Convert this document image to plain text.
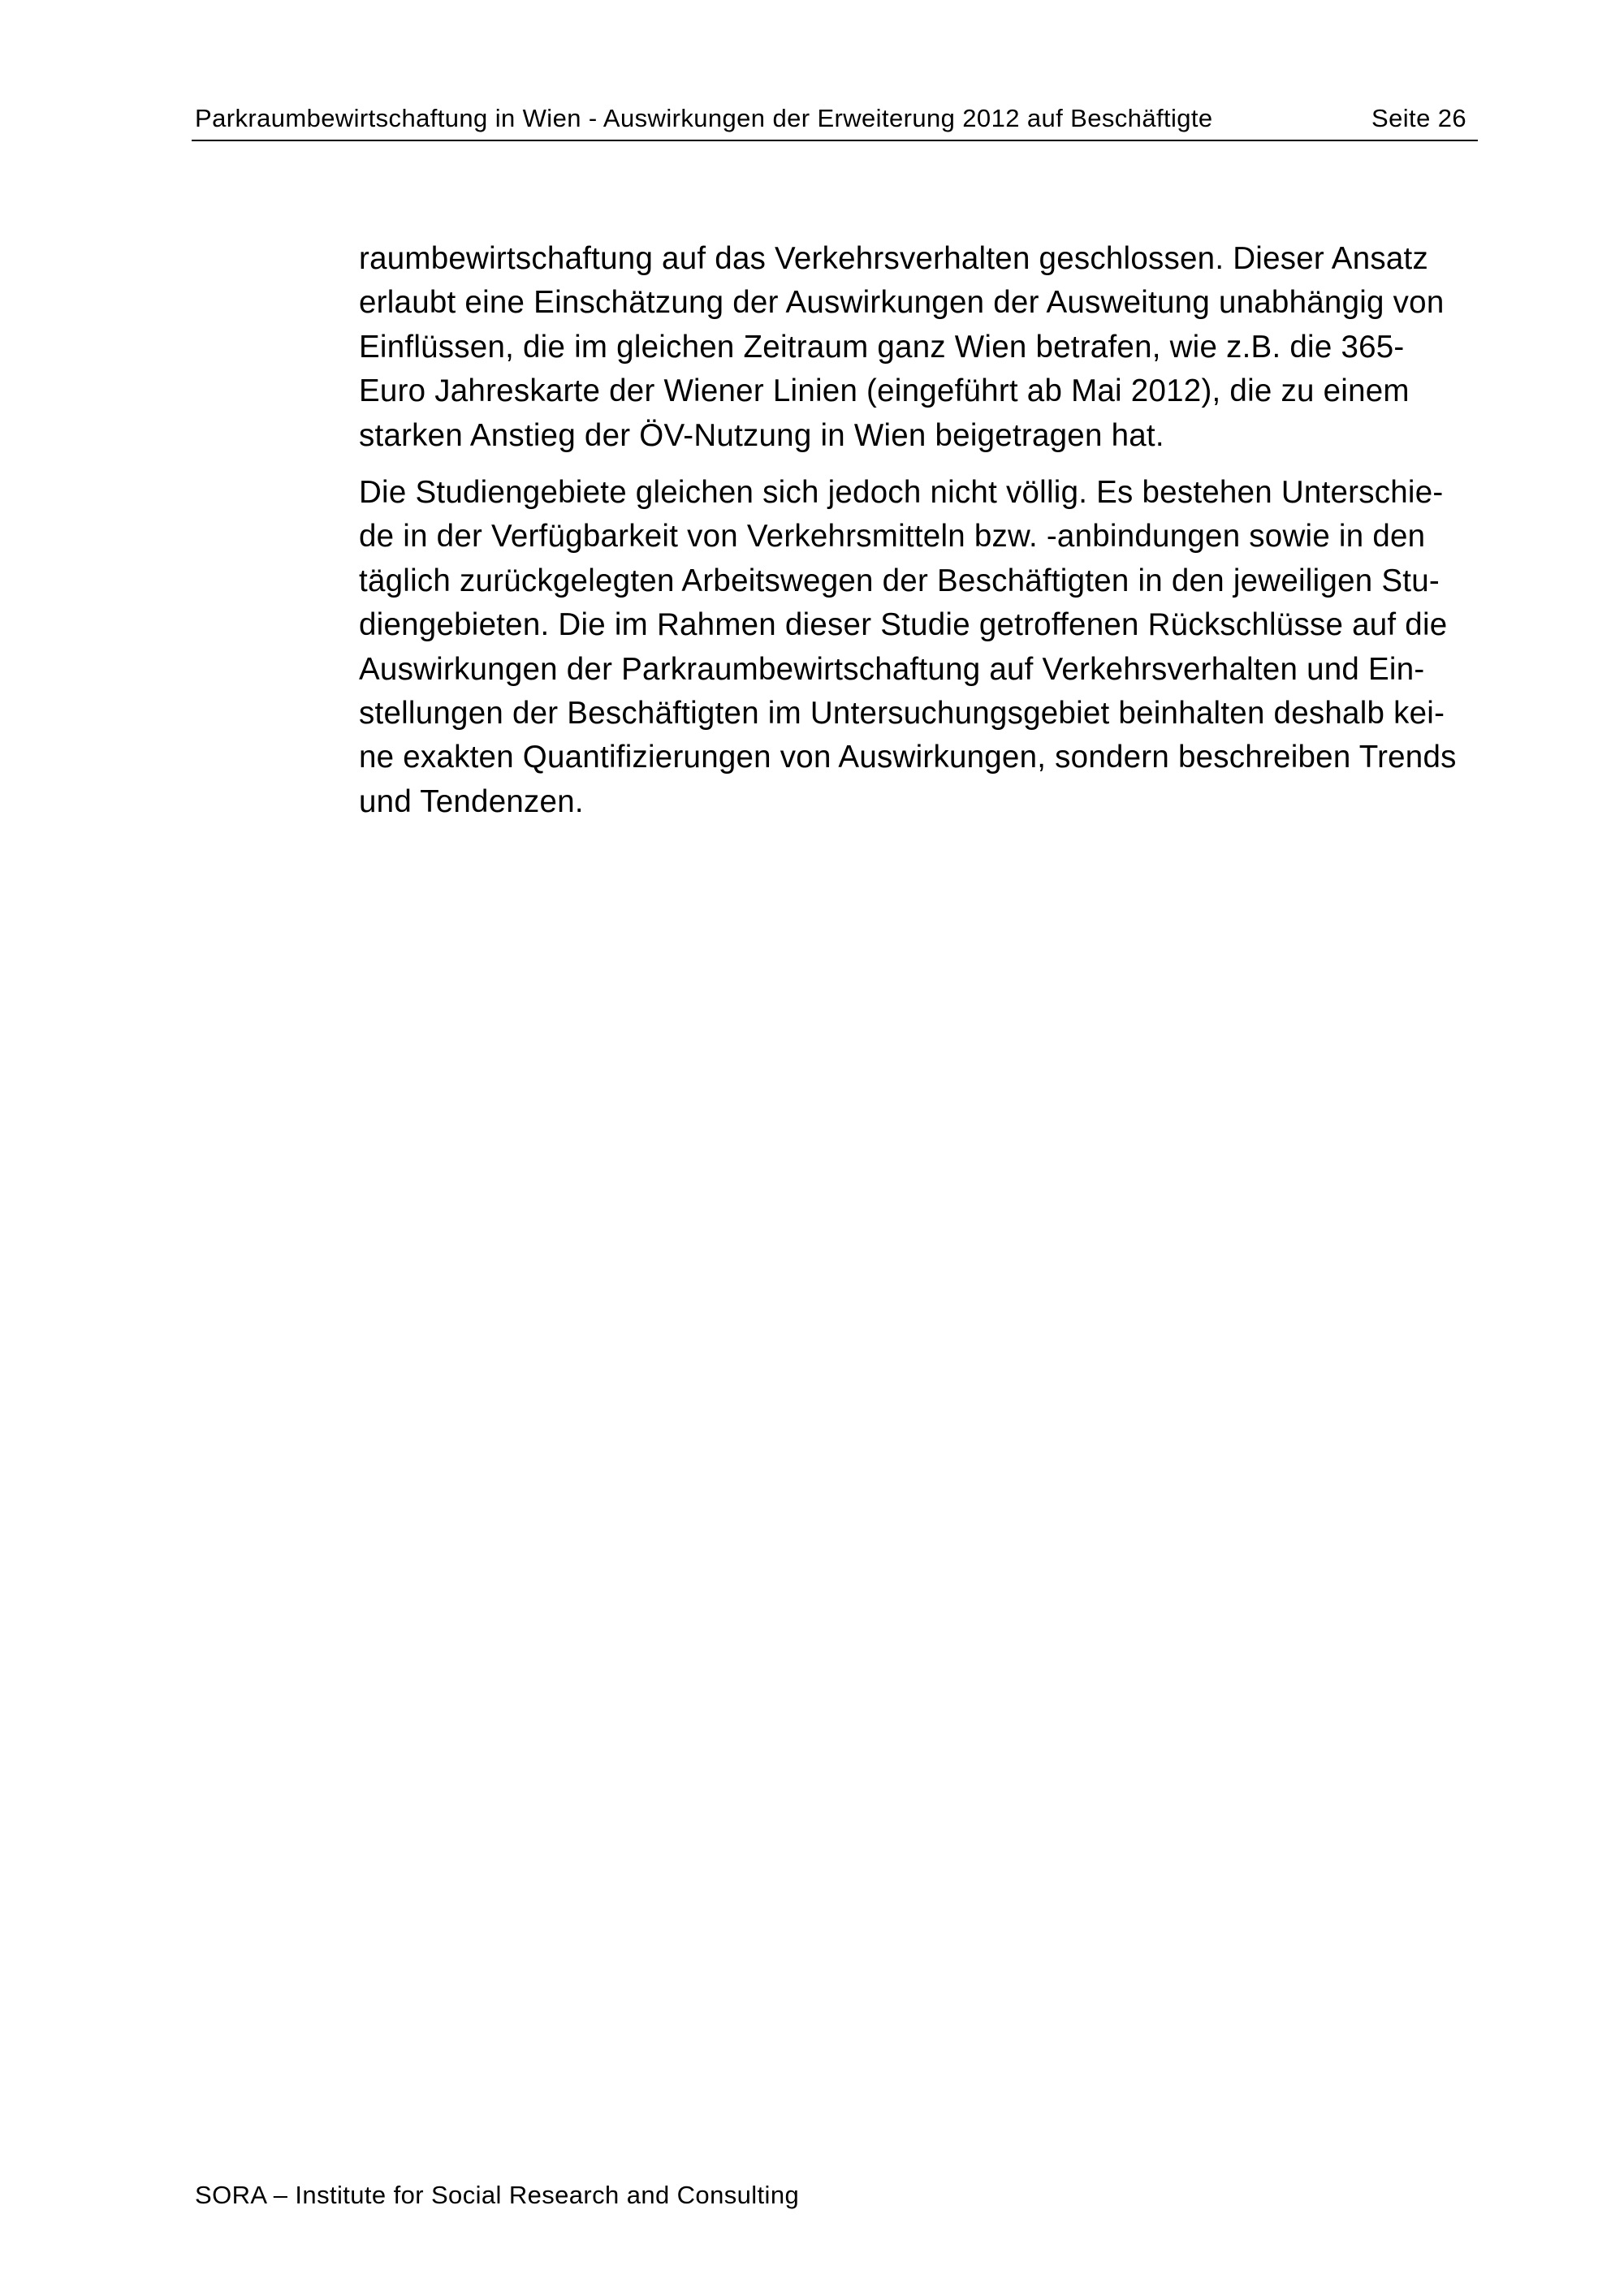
Parkraumbewirtschaftung in Wien - Auswirkungen der Erweiterung 2012 auf Beschäftigte	Seite 26

raumbewirtschaftung auf das Verkehrsverhalten geschlossen. Dieser Ansatz
erlaubt eine Einschätzung der Auswirkungen der Ausweitung unabhängig von
Einflüssen, die im gleichen Zeitraum ganz Wien betrafen, wie z.B. die 365-
Euro Jahreskarte der Wiener Linien (eingeführt ab Mai 2012), die zu einem
starken Anstieg der ÖV-Nutzung in Wien beigetragen hat.

Die Studiengebiete gleichen sich jedoch nicht völlig. Es bestehen Unterschie-
de in der Verfügbarkeit von Verkehrsmitteln bzw. -anbindungen sowie in den
täglich zurückgelegten Arbeitswegen der Beschäftigten in den jeweiligen Stu-
diengebieten. Die im Rahmen dieser Studie getroffenen Rückschlüsse auf die
Auswirkungen der Parkraumbewirtschaftung auf Verkehrsverhalten und Ein-
stellungen der Beschäftigten im Untersuchungsgebiet beinhalten deshalb kei-
ne exakten Quantifizierungen von Auswirkungen, sondern beschreiben Trends
und Tendenzen.

SORA – Institute for Social Research and Consulting
